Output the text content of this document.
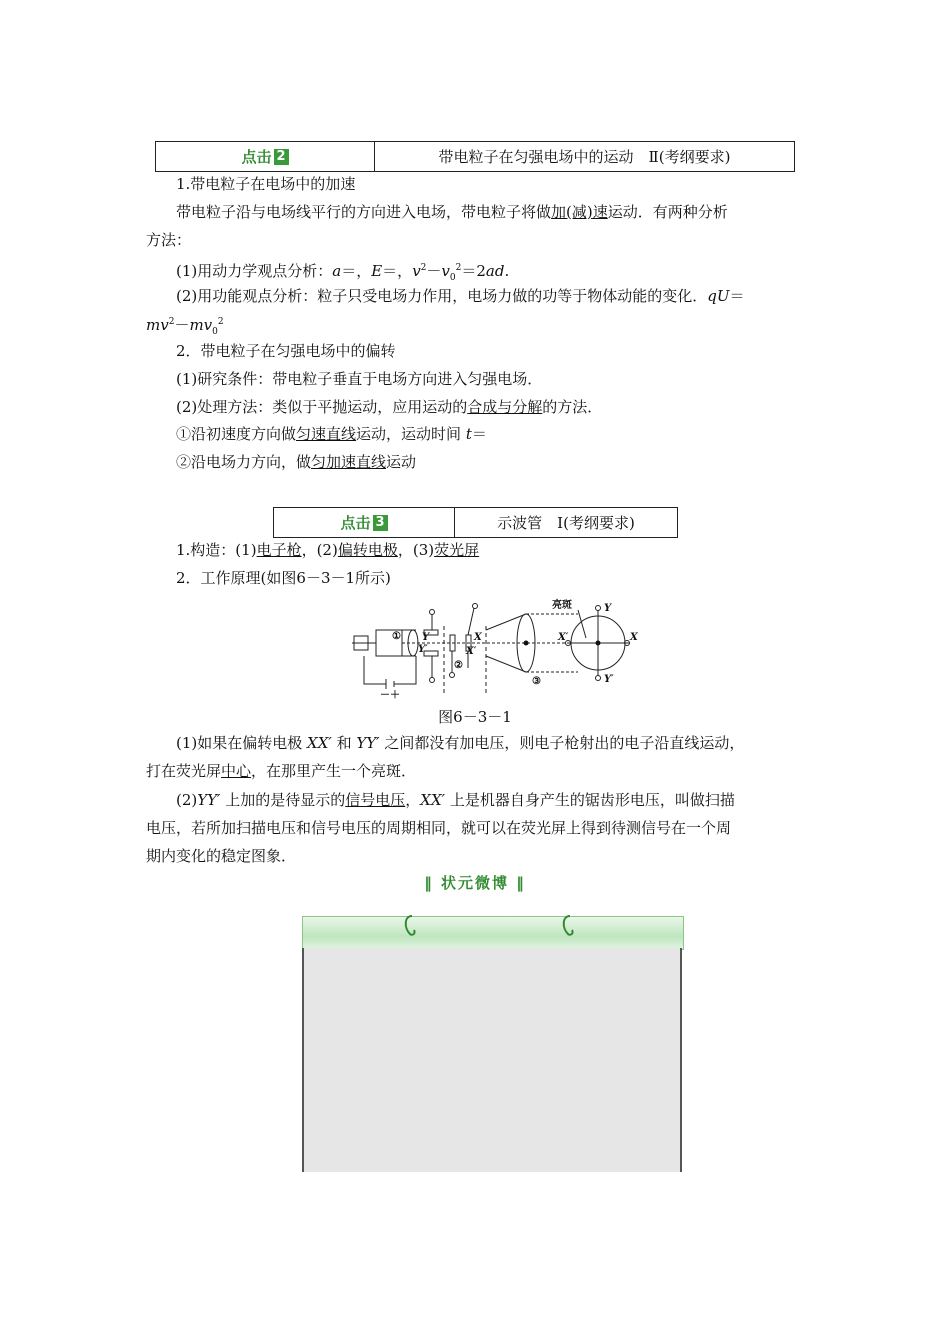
点击 2	带电粒子在匀强电场中的运动　Ⅱ(考纲要求)
1.带电粒子在电场中的加速
带电粒子沿与电场线平行的方向进入电场，带电粒子将做加(减)速运动．有两种分析
方法：
(1)用动力学观点分析：a＝，E＝，$v^2-v_0^2=2ad$.
(2)用功能观点分析：粒子只受电场力作用，电场力做的功等于物体动能的变化．qU＝
$mv^2-mv_0^2$
2．带电粒子在匀强电场中的偏转
(1)研究条件：带电粒子垂直于电场方向进入匀强电场．
(2)处理方法：类似于平抛运动，应用运动的合成与分解的方法．
①沿初速度方向做匀速直线运动，运动时间 t＝
②沿电场力方向，做匀加速直线运动
点击 3	示波管　Ⅰ(考纲要求)
1.构造：(1)电子枪，(2)偏转电极，(3)荧光屏
2．工作原理(如图6－3－1所示)
亮斑	Y
Y′
X
X′
Y
Y′
X
X′
①
②
③
－ ＋
图6－3－1
(1)如果在偏转电极 XX′ 和 YY′ 之间都没有加电压，则电子枪射出的电子沿直线运动，
打在荧光屏中心，在那里产生一个亮斑．
(2)YY′ 上加的是待显示的信号电压，XX′ 上是机器自身产生的锯齿形电压，叫做扫描
电压，若所加扫描电压和信号电压的周期相同，就可以在荧光屏上得到待测信号在一个周
期内变化的稳定图象．
‖ 状元微博 ‖
